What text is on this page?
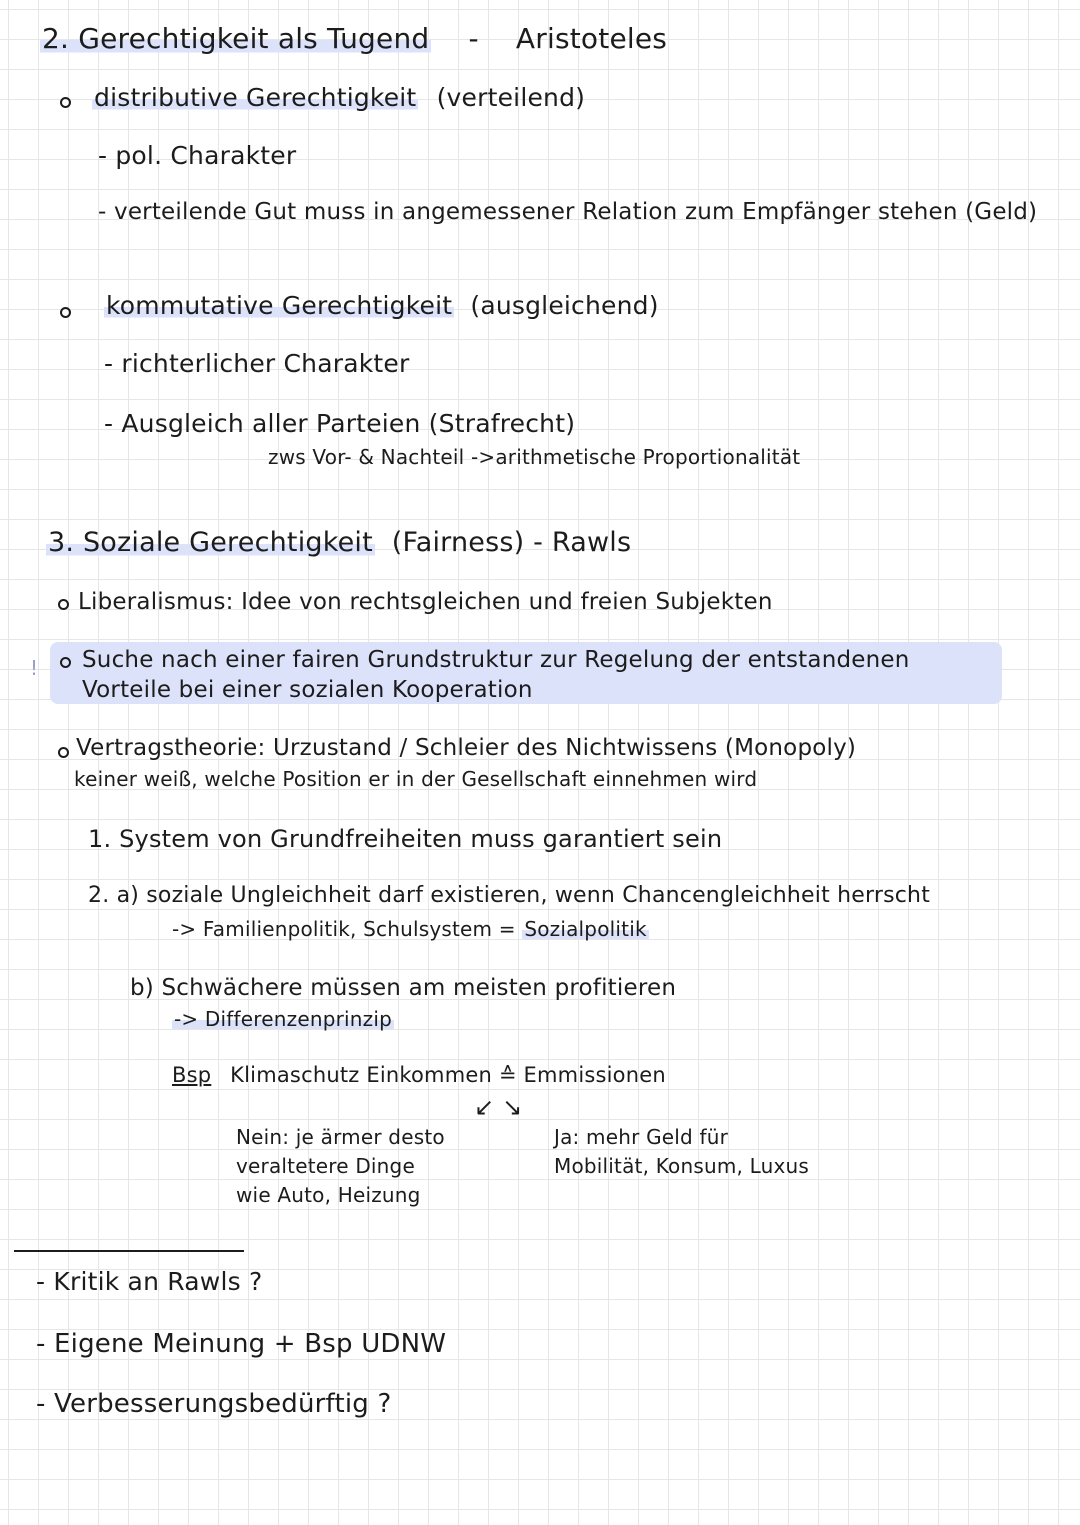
2. Gerechtigkeit als Tugend - Aristoteles
distributive Gerechtigkeit (verteilend)
- pol. Charakter
- verteilende Gut muss in angemessener Relation zum Empfänger stehen (Geld)
kommutative Gerechtigkeit (ausgleichend)
- richterlicher Charakter
- Ausgleich aller Parteien (Strafrecht)
zws Vor- & Nachteil ->arithmetische Proportionalität
3. Soziale Gerechtigkeit (Fairness) - Rawls
Liberalismus: Idee von rechtsgleichen und freien Subjekten
! Suche nach einer fairen Grundstruktur zur Regelung der entstandenen
Vorteile bei einer sozialen Kooperation
Vertragstheorie: Urzustand / Schleier des Nichtwissens (Monopoly)
keiner weiß, welche Position er in der Gesellschaft einnehmen wird
1. System von Grundfreiheiten muss garantiert sein
2. a) soziale Ungleichheit darf existieren, wenn Chancengleichheit herrscht
-> Familienpolitik, Schulsystem = Sozialpolitik
b) Schwächere müssen am meisten profitieren
-> Differenzenprinzip
Bsp Klimaschutz Einkommen ≙ Emmissionen
↙ ↘
Nein: je ärmer desto
veraltetere Dinge
wie Auto, Heizung
Ja: mehr Geld für
Mobilität, Konsum, Luxus
- Kritik an Rawls ?
- Eigene Meinung + Bsp UDNW
- Verbesserungsbedürftig ?
